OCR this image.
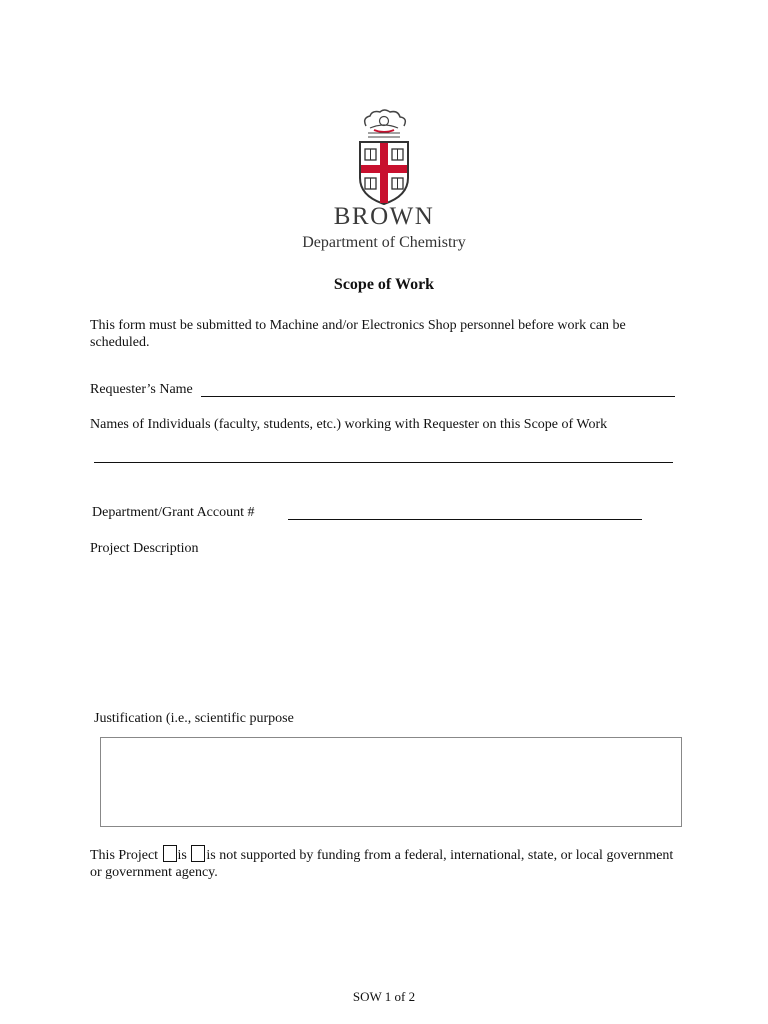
BROWN
Department of Chemistry
Scope of Work
This form must be submitted to Machine and/or Electronics Shop personnel before work can be scheduled.
Requester’s Name
Names of Individuals (faculty, students, etc.) working with Requester on this Scope of Work
Department/Grant Account #
Project Description
Justification (i.e., scientific purpose
This Project is is not supported by funding from a federal, international, state, or local government or government agency.
SOW 1 of 2
